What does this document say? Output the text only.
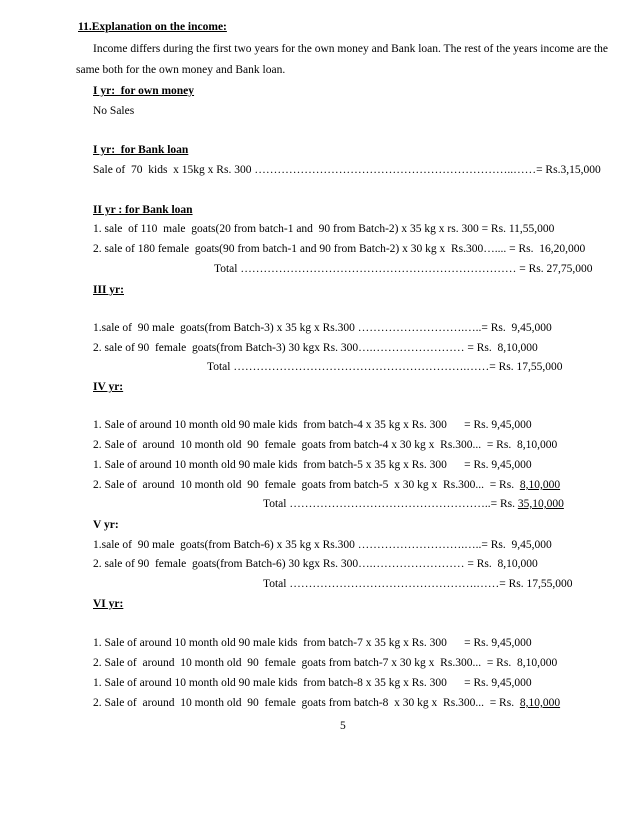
11.Explanation on the income:
Income differs during the first two years for the own money and Bank loan. The rest of the years income are the
same both for the own money and Bank loan.
I yr:  for own money
No Sales
I yr:  for Bank loan
Sale of  70  kids  x 15kg x Rs. 300 …………………………………………………………..……= Rs.3,15,000
II yr : for Bank loan
1. sale  of 110  male  goats(20 from batch-1 and  90 from Batch-2) x 35 kg x rs. 300 = Rs. 11,55,000
2. sale of 180 female  goats(90 from batch-1 and 90 from Batch-2) x 30 kg x  Rs.300….... = Rs.  16,20,000
Total ……………………………………………………………… = Rs. 27,75,000
III yr:
1.sale of  90 male  goats(from Batch-3) x 35 kg x Rs.300 ……………………….…..= Rs.  9,45,000
2. sale of 90  female  goats(from Batch-3) 30 kgx Rs. 300….…………………… = Rs.  8,10,000
Total …………………………………………………….……= Rs. 17,55,000
IV yr:
1. Sale of around 10 month old 90 male kids  from batch-4 x 35 kg x Rs. 300      = Rs. 9,45,000
2. Sale of  around  10 month old  90  female  goats from batch-4 x 30 kg x  Rs.300...  = Rs.  8,10,000
1. Sale of around 10 month old 90 male kids  from batch-5 x 35 kg x Rs. 300      = Rs. 9,45,000
2. Sale of  around  10 month old  90  female  goats from batch-5  x 30 kg x  Rs.300...  = Rs.  8,10,000
Total ……………………………………………..= Rs. 35,10,000
V yr:
1.sale of  90 male  goats(from Batch-6) x 35 kg x Rs.300 ……………………….…..= Rs.  9,45,000
2. sale of 90  female  goats(from Batch-6) 30 kgx Rs. 300….…………………… = Rs.  8,10,000
Total ………………………………………….……= Rs. 17,55,000
VI yr:
1. Sale of around 10 month old 90 male kids  from batch-7 x 35 kg x Rs. 300      = Rs. 9,45,000
2. Sale of  around  10 month old  90  female  goats from batch-7 x 30 kg x  Rs.300...  = Rs.  8,10,000
1. Sale of around 10 month old 90 male kids  from batch-8 x 35 kg x Rs. 300      = Rs. 9,45,000
2. Sale of  around  10 month old  90  female  goats from batch-8  x 30 kg x  Rs.300...  = Rs.  8,10,000
5
